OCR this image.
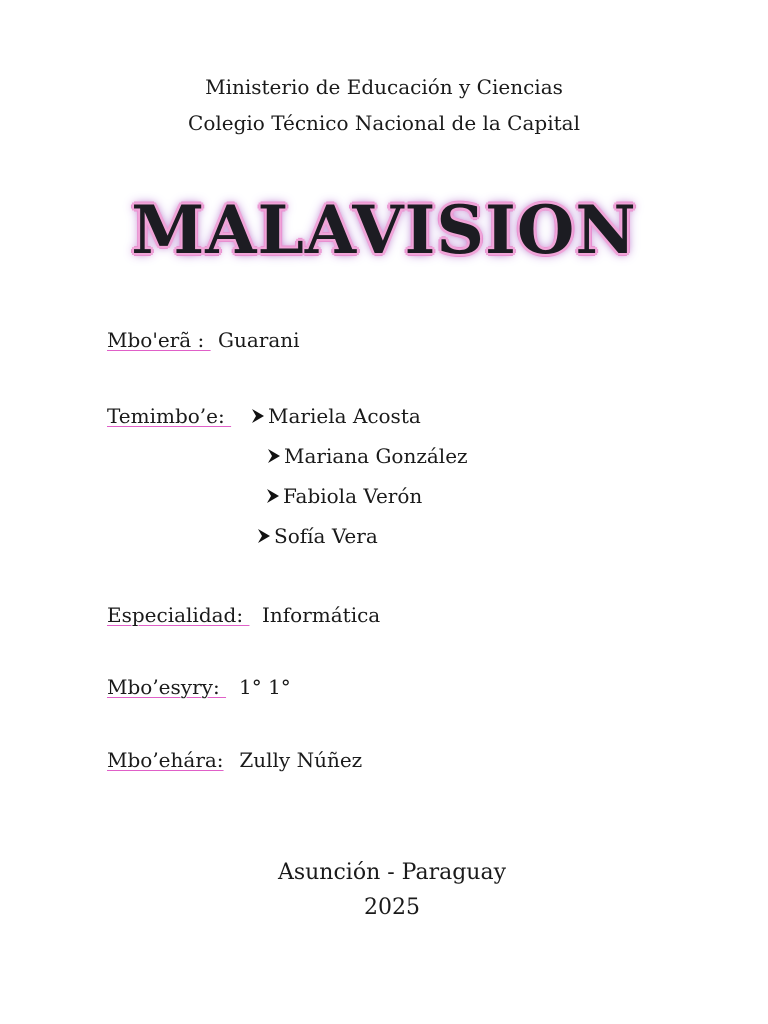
Ministerio de Educación y Ciencias
Colegio Técnico Nacional de la Capital
MALAVISION
Mbo'erã : Guarani
Temimbo’e: Mariela Acosta
Mariana González
Fabiola Verón
Sofía Vera
Especialidad: Informática
Mbo’esyry: 1° 1°
Mbo’ehára: Zully Núñez
Asunción - Paraguay
2025
